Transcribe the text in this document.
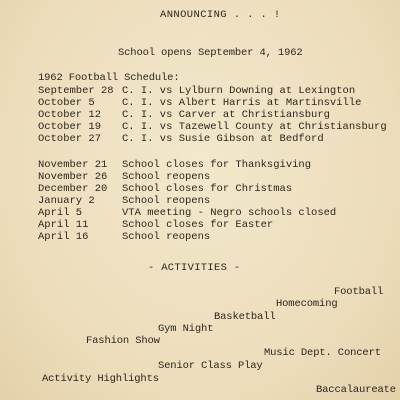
ANNOUNCING . . . !
School opens September 4, 1962
1962 Football Schedule:
September 28 C. I. vs Lylburn Downing at Lexington
October 5	C. I. vs Albert Harris at Martinsville
October 12 C. I. vs Carver at Christiansburg
October 19 C. I. vs Tazewell County at Christiansburg
October 27 C. I. vs Susie Gibson at Bedford
November 21 School closes for Thanksgiving
November 26 School reopens
December 20 School closes for Christmas
January 2	School reopens
April 5	VTA meeting - Negro schools closed
April 11	School closes for Easter
April 16	School reopens
- ACTIVITIES -
Football
Homecoming
Basketball
Gym Night
Fashion Show
Music Dept. Concert
Senior Class Play
Activity Highlights
Baccalaureate
